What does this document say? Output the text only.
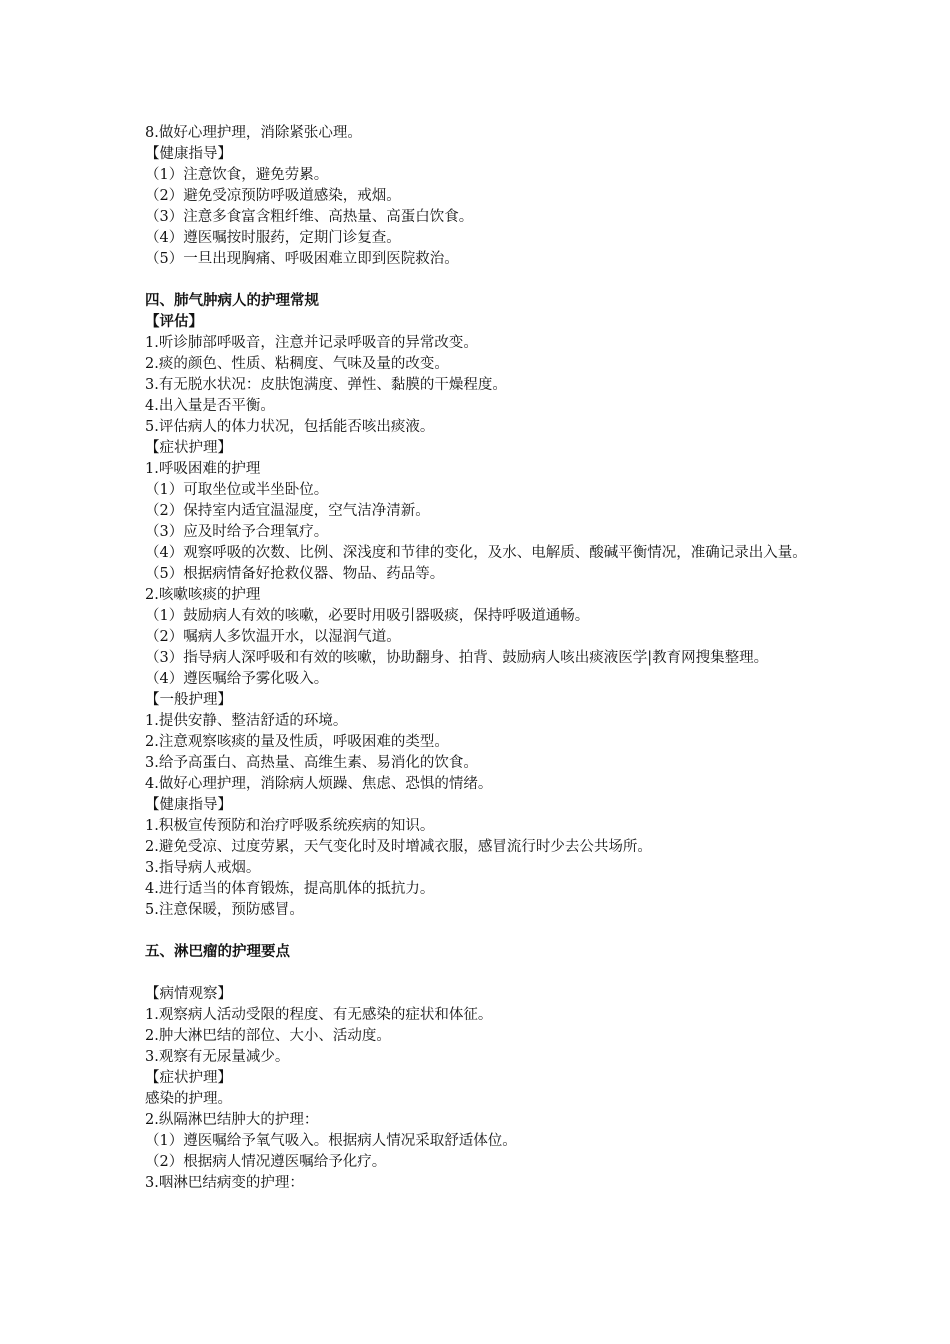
8.做好心理护理，消除紧张心理。
【健康指导】
（1）注意饮食，避免劳累。
（2）避免受凉预防呼吸道感染，戒烟。
（3）注意多食富含粗纤维、高热量、高蛋白饮食。
（4）遵医嘱按时服药，定期门诊复查。
（5）一旦出现胸痛、呼吸困难立即到医院救治。
四、肺气肿病人的护理常规
【评估】
1.听诊肺部呼吸音，注意并记录呼吸音的异常改变。
2.痰的颜色、性质、粘稠度、气味及量的改变。
3.有无脱水状况：皮肤饱满度、弹性、黏膜的干燥程度。
4.出入量是否平衡。
5.评估病人的体力状况，包括能否咳出痰液。
【症状护理】
1.呼吸困难的护理
（1）可取坐位或半坐卧位。
（2）保持室内适宜温湿度，空气洁净清新。
（3）应及时给予合理氧疗。
（4）观察呼吸的次数、比例、深浅度和节律的变化，及水、电解质、酸碱平衡情况，准确记录出入量。
（5）根据病情备好抢救仪器、物品、药品等。
2.咳嗽咳痰的护理
（1）鼓励病人有效的咳嗽，必要时用吸引器吸痰，保持呼吸道通畅。
（2）嘱病人多饮温开水，以湿润气道。
（3）指导病人深呼吸和有效的咳嗽，协助翻身、拍背、鼓励病人咳出痰液医学|教育网搜集整理。
（4）遵医嘱给予雾化吸入。
【一般护理】
1.提供安静、整洁舒适的环境。
2.注意观察咳痰的量及性质，呼吸困难的类型。
3.给予高蛋白、高热量、高维生素、易消化的饮食。
4.做好心理护理，消除病人烦躁、焦虑、恐惧的情绪。
【健康指导】
1.积极宣传预防和治疗呼吸系统疾病的知识。
2.避免受凉、过度劳累，天气变化时及时增减衣服，感冒流行时少去公共场所。
3.指导病人戒烟。
4.进行适当的体育锻炼，提高肌体的抵抗力。
5.注意保暖，预防感冒。
五、淋巴瘤的护理要点
【病情观察】
1.观察病人活动受限的程度、有无感染的症状和体征。
2.肿大淋巴结的部位、大小、活动度。
3.观察有无尿量减少。
【症状护理】
感染的护理。
2.纵隔淋巴结肿大的护理：
（1）遵医嘱给予氧气吸入。根据病人情况采取舒适体位。
（2）根据病人情况遵医嘱给予化疗。
3.咽淋巴结病变的护理：
